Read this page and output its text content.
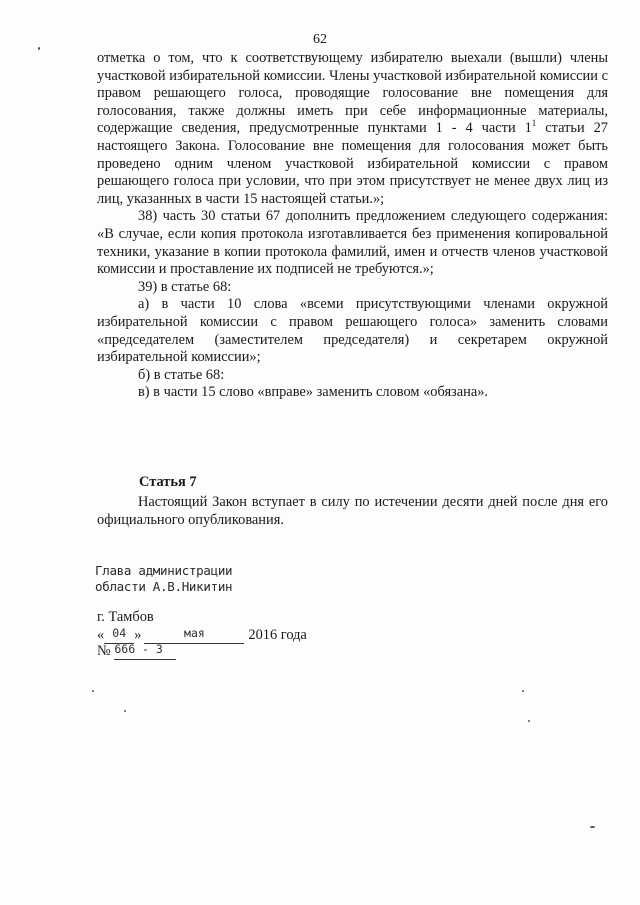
62

отметка о том, что к соответствующему избирателю выехали (вышли) члены участковой избирательной комиссии. Члены участковой избирательной комиссии с правом решающего голоса, проводящие голосование вне помещения для голосования, также должны иметь при себе информационные материалы, содержащие сведения, предусмотренные пунктами 1 - 4 части $1^1$ статьи 27 настоящего Закона. Голосование вне помещения для голосования может быть проведено одним членом участковой избирательной комиссии с правом решающего голоса при условии, что при этом присутствует не менее двух лиц из лиц, указанных в части 15 настоящей статьи.»;

38) часть 30 статьи 67 дополнить предложением следующего содержания: «В случае, если копия протокола изготавливается без применения копировальной техники, указание в копии протокола фамилий, имен и отчеств членов участковой комиссии и проставление их подписей не требуются.»;

39) в статье 68:

а) в части 10 слова «всеми присутствующими членами окружной избирательной комиссии с правом решающего голоса» заменить словами «председателем (заместителем председателя) и секретарем окружной избирательной комиссии»;

б) в статье 68:

в) в части 15 слово «вправе» заменить словом «обязана».

Статья 7

Настоящий Закон вступает в силу по истечении десяти дней после дня его официального опубликования.

Глава администрации
области А.В.Никитин
г. Тамбов
« $^{04}$ »	$^{мая}$	2016 года
№ $^{666 - З}$
